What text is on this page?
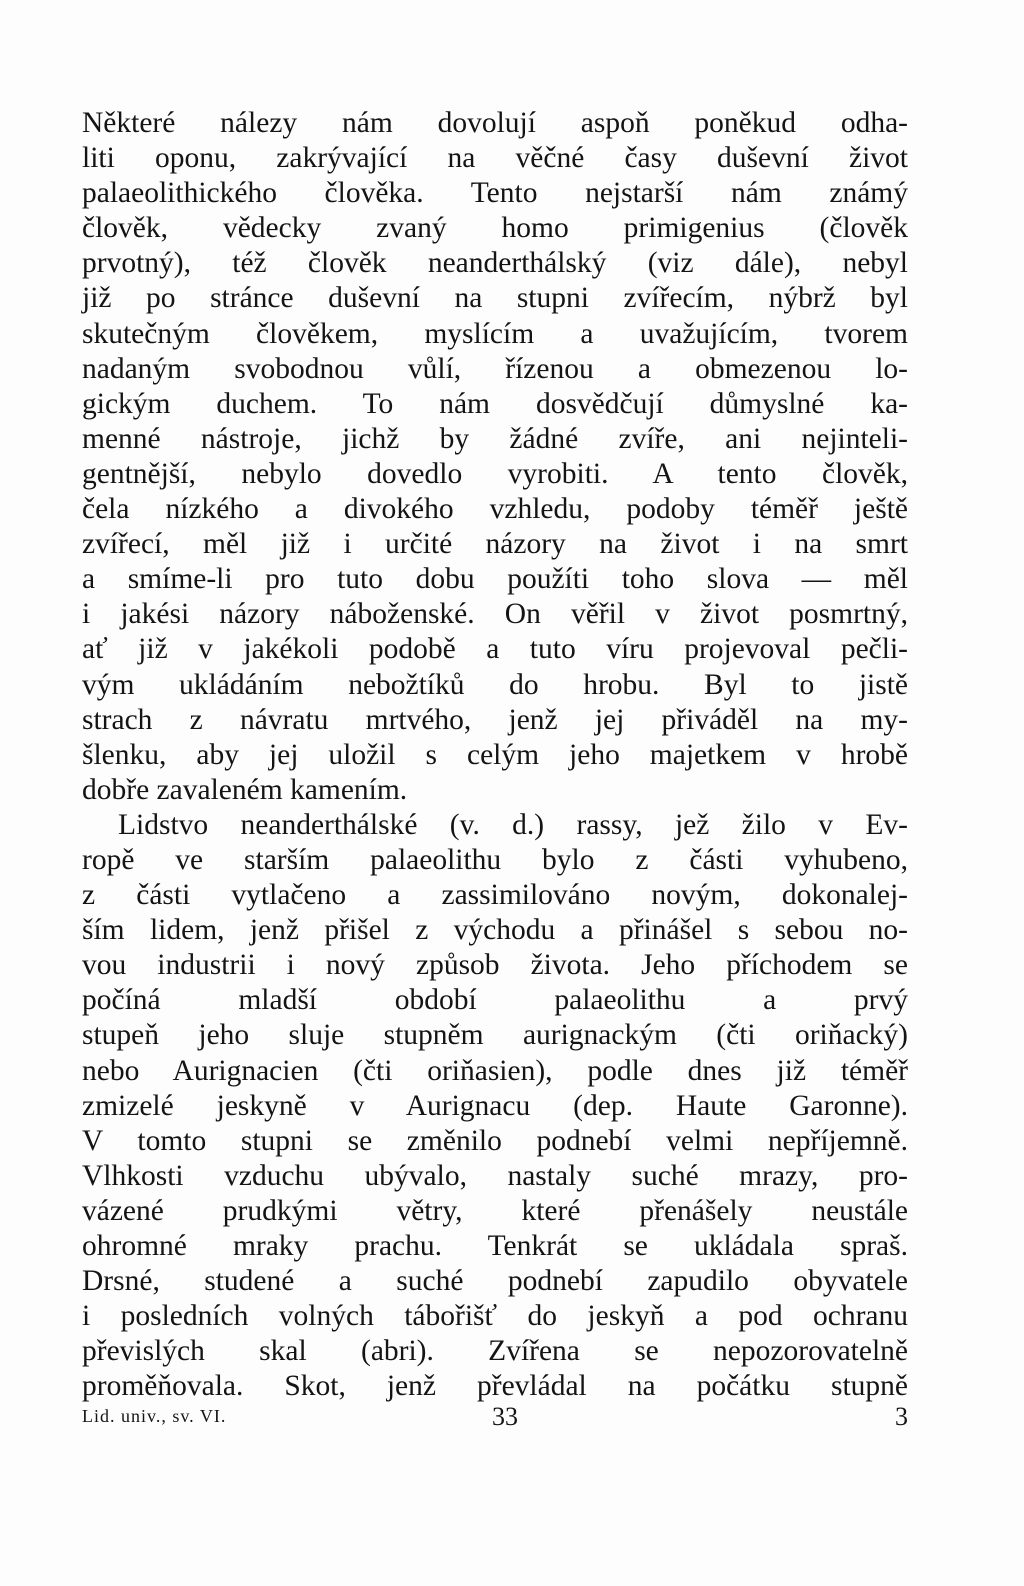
Některé nálezy nám dovolují aspoň poněkud odha-
liti oponu, zakrývající na věčné časy duševní život
palaeolithického člověka. Tento nejstarší nám známý
člověk, vědecky zvaný homo primigenius (člověk
prvotný), též člověk neanderthálský (viz dále), nebyl
již po stránce duševní na stupni zvířecím, nýbrž byl
skutečným člověkem, myslícím a uvažujícím, tvorem
nadaným svobodnou vůlí, řízenou a obmezenou lo-
gickým duchem. To nám dosvědčují důmyslné ka-
menné nástroje, jichž by žádné zvíře, ani nejinteli-
gentnější, nebylo dovedlo vyrobiti. A tento člověk,
čela nízkého a divokého vzhledu, podoby téměř ještě
zvířecí, měl již i určité názory na život i na smrt
a smíme-li pro tuto dobu použíti toho slova — měl
i jakési názory náboženské. On věřil v život posmrtný,
ať již v jakékoli podobě a tuto víru projevoval pečli-
vým ukládáním nebožtíků do hrobu. Byl to jistě
strach z návratu mrtvého, jenž jej přiváděl na my-
šlenku, aby jej uložil s celým jeho majetkem v hrobě
dobře zavaleném kamením.
Lidstvo neanderthálské (v. d.) rassy, jež žilo v Ev-
ropě ve starším palaeolithu bylo z části vyhubeno,
z části vytlačeno a zassimilováno novým, dokonalej-
ším lidem, jenž přišel z východu a přinášel s sebou no-
vou industrii i nový způsob života. Jeho příchodem se
počíná mladší období palaeolithu a prvý
stupeň jeho sluje stupněm aurignackým (čti oriňacký)
nebo Aurignacien (čti oriňasien), podle dnes již téměř
zmizelé jeskyně v Aurignacu (dep. Haute Garonne).
V tomto stupni se změnilo podnebí velmi nepříjemně.
Vlhkosti vzduchu ubývalo, nastaly suché mrazy, pro-
vázené prudkými větry, které přenášely neustále
ohromné mraky prachu. Tenkrát se ukládala spraš.
Drsné, studené a suché podnebí zapudilo obyvatele
i posledních volných tábořišť do jeskyň a pod ochranu
převislých skal (abri). Zvířena se nepozorovatelně
proměňovala. Skot, jenž převládal na počátku stupně
Lid. univ., sv. VI.	33	3
